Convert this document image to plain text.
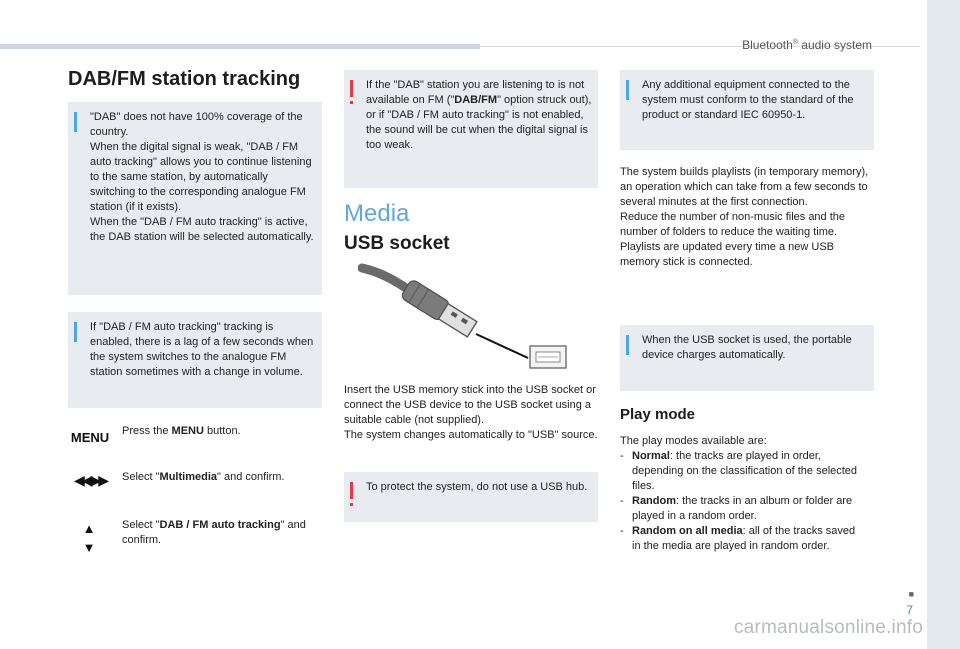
Bluetooth® audio system
DAB/FM station tracking
"DAB" does not have 100% coverage of the country.
When the digital signal is weak, "DAB / FM auto tracking" allows you to continue listening to the same station, by automatically switching to the corresponding analogue FM station (if it exists).
When the "DAB / FM auto tracking" is active, the DAB station will be selected automatically.
If "DAB / FM auto tracking" tracking is enabled, there is a lag of a few seconds when the system switches to the analogue FM station sometimes with a change in volume.
MENU Press the MENU button.
◀◀ ▶▶	Select "Multimedia" and confirm.
▲
▼
Select "DAB / FM auto tracking" and confirm.
If the "DAB" station you are listening to is not available on FM ("DAB/FM" option struck out), or if "DAB / FM auto tracking" is not enabled, the sound will be cut when the digital signal is too weak.
Media
USB socket
Insert the USB memory stick into the USB socket or connect the USB device to the USB socket using a suitable cable (not supplied).
The system changes automatically to "USB" source.
To protect the system, do not use a USB hub.
Any additional equipment connected to the system must conform to the standard of the product or standard IEC 60950-1.
The system builds playlists (in temporary memory), an operation which can take from a few seconds to several minutes at the first connection.
Reduce the number of non-music files and the number of folders to reduce the waiting time.
Playlists are updated every time a new USB memory stick is connected.
When the USB socket is used, the portable device charges automatically.
Play mode
The play modes available are:
- Normal: the tracks are played in order, depending on the classification of the selected files.
- Random: the tracks in an album or folder are played in a random order.
- Random on all media: all of the tracks saved in the media are played in random order.
■
7
carmanualsonline.info
